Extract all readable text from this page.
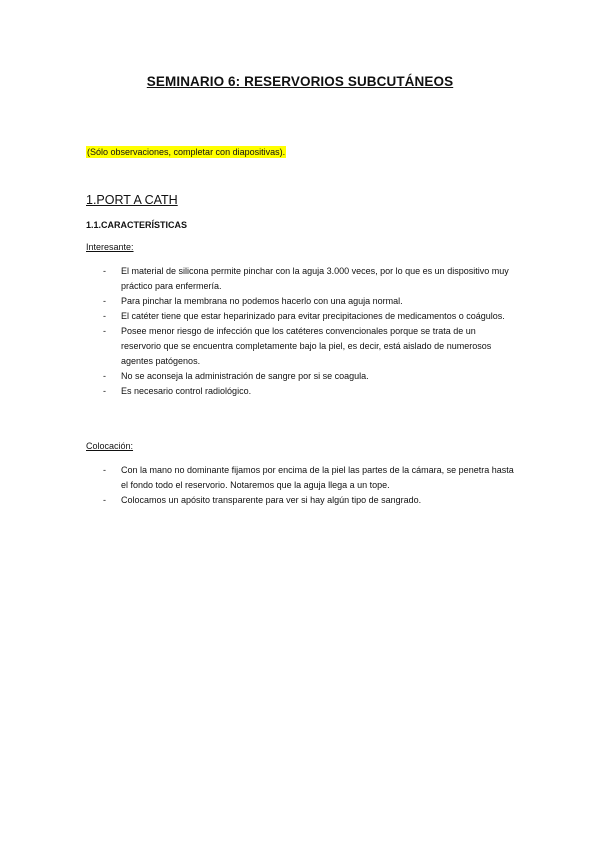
SEMINARIO 6: RESERVORIOS SUBCUTÁNEOS
(Sólo observaciones, completar con diapositivas).
1.PORT A CATH
1.1.CARACTERÍSTICAS
Interesante:
- El material de silicona permite pinchar con la aguja 3.000 veces, por lo que es un dispositivo muy práctico para enfermería.
- Para pinchar la membrana no podemos hacerlo con una aguja normal.
- El catéter tiene que estar heparinizado para evitar precipitaciones de medicamentos o coágulos.
- Posee menor riesgo de infección que los catéteres convencionales porque se trata de un reservorio que se encuentra completamente bajo la piel, es decir, está aislado de numerosos agentes patógenos.
- No se aconseja la administración de sangre por si se coagula.
- Es necesario control radiológico.
Colocación:
- Con la mano no dominante fijamos por encima de la piel las partes de la cámara, se penetra hasta el fondo todo el reservorio. Notaremos que la aguja llega a un tope.
- Colocamos un apósito transparente para ver si hay algún tipo de sangrado.
